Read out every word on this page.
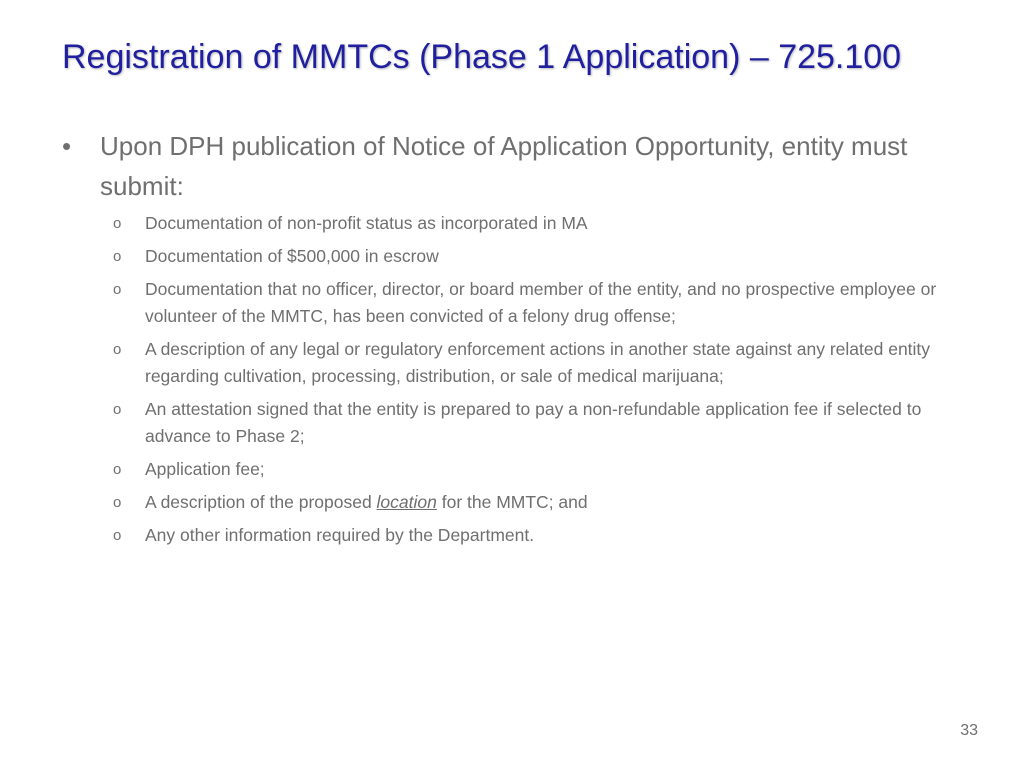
Registration of MMTCs (Phase 1 Application) – 725.100
•	Upon DPH publication of Notice of Application Opportunity, entity must submit:
o Documentation of non-profit status as incorporated in MA
o Documentation of $500,000 in escrow
o Documentation that no officer, director, or board member of the entity, and no prospective employee or volunteer of the MMTC, has been convicted of a felony drug offense;
o A description of any legal or regulatory enforcement actions in another state against any related entity regarding cultivation, processing, distribution, or sale of medical marijuana;
o An attestation signed that the entity is prepared to pay a non-refundable application fee if selected to advance to Phase 2;
o Application fee;
o A description of the proposed location for the MMTC; and
o Any other information required by the Department.
33
